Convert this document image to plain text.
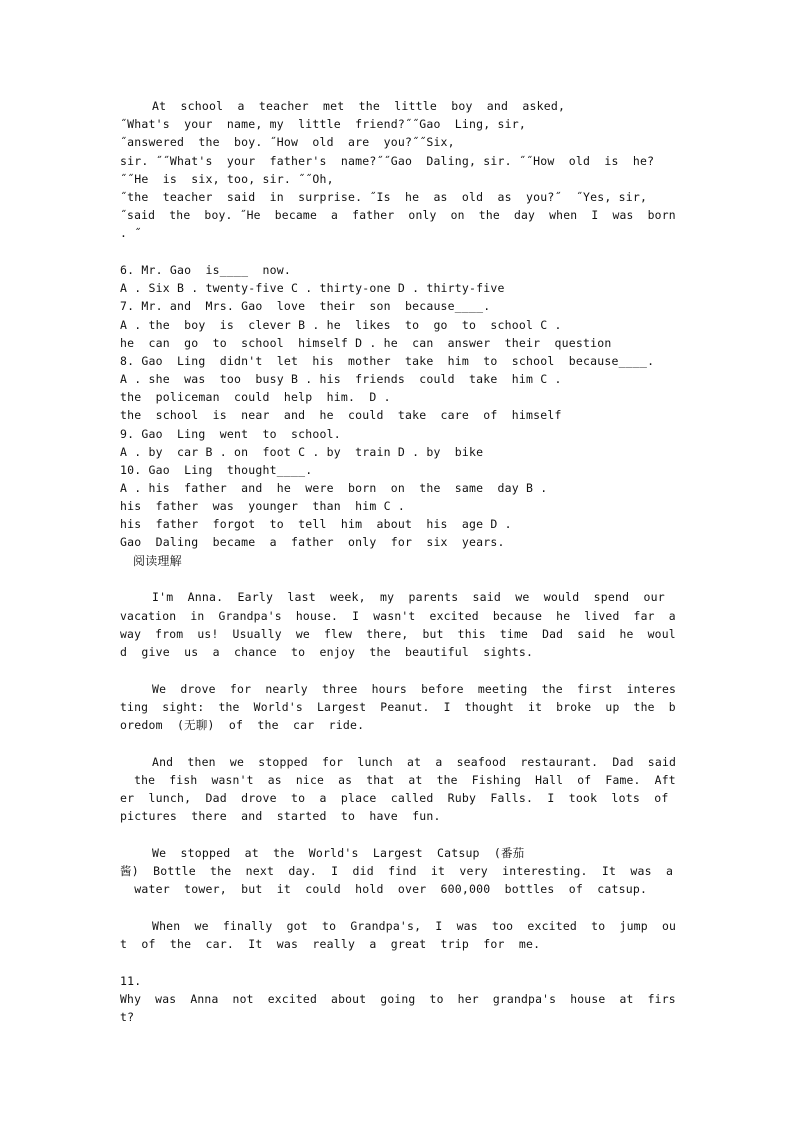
At  school  a  teacher  met  the  little  boy  and  asked,
˝What's  your  name, my  little  friend?˝˝Gao  Ling, sir,
˝answered  the  boy. ˝How  old  are  you?˝˝Six,
sir. ˝˝What's  your  father's  name?˝˝Gao  Daling, sir. ˝˝How  old  is  he?
˝˝He  is  six, too, sir. ˝˝Oh,
˝the  teacher  said  in  surprise. ˝Is  he  as  old  as  you?˝  ˝Yes, sir,
˝said  the  boy. ˝He  became  a  father  only  on  the  day  when  I  was  born
. ˝
6. Mr. Gao  is____  now.
A . Six B . twenty-five C . thirty-one D . thirty-five
7. Mr. and  Mrs. Gao  love  their  son  because____.
A . the  boy  is  clever B . he  likes  to  go  to  school C .
he  can  go  to  school  himself D . he  can  answer  their  question
8. Gao  Ling  didn't  let  his  mother  take  him  to  school  because____.
A . she  was  too  busy B . his  friends  could  take  him C .
the  policeman  could  help  him.  D .
the  school  is  near  and  he  could  take  care  of  himself
9. Gao  Ling  went  to  school.
A . by  car B . on  foot C . by  train D . by  bike
10. Gao  Ling  thought____.
A . his  father  and  he  were  born  on  the  same  day B .
his  father  was  younger  than  him C .
his  father  forgot  to  tell  him  about  his  age D .
Gao  Daling  became  a  father  only  for  six  years.
阅读理解
I'm  Anna.  Early  last  week,  my  parents  said  we  would  spend  our
vacation  in  Grandpa's  house.  I  wasn't  excited  because  he  lived  far  a
way  from  us!  Usually  we  flew  there,  but  this  time  Dad  said  he  woul
d  give  us  a  chance  to  enjoy  the  beautiful  sights.
We  drove  for  nearly  three  hours  before  meeting  the  first  interes
ting  sight:  the  World's  Largest  Peanut.  I  thought  it  broke  up  the  b
oredom  (无聊)  of  the  car  ride.
And  then  we  stopped  for  lunch  at  a  seafood  restaurant.  Dad  said
the  fish  wasn't  as  nice  as  that  at  the  Fishing  Hall  of  Fame.  Aft
er  lunch,  Dad  drove  to  a  place  called  Ruby  Falls.  I  took  lots  of
pictures  there  and  started  to  have  fun.
We  stopped  at  the  World's  Largest  Catsup  (番茄
酱)  Bottle  the  next  day.  I  did  find  it  very  interesting.  It  was  a
water  tower,  but  it  could  hold  over  600,000  bottles  of  catsup.
When  we  finally  got  to  Grandpa's,  I  was  too  excited  to  jump  ou
t  of  the  car.  It  was  really  a  great  trip  for  me.
11.
Why  was  Anna  not  excited  about  going  to  her  grandpa's  house  at  firs
t?
